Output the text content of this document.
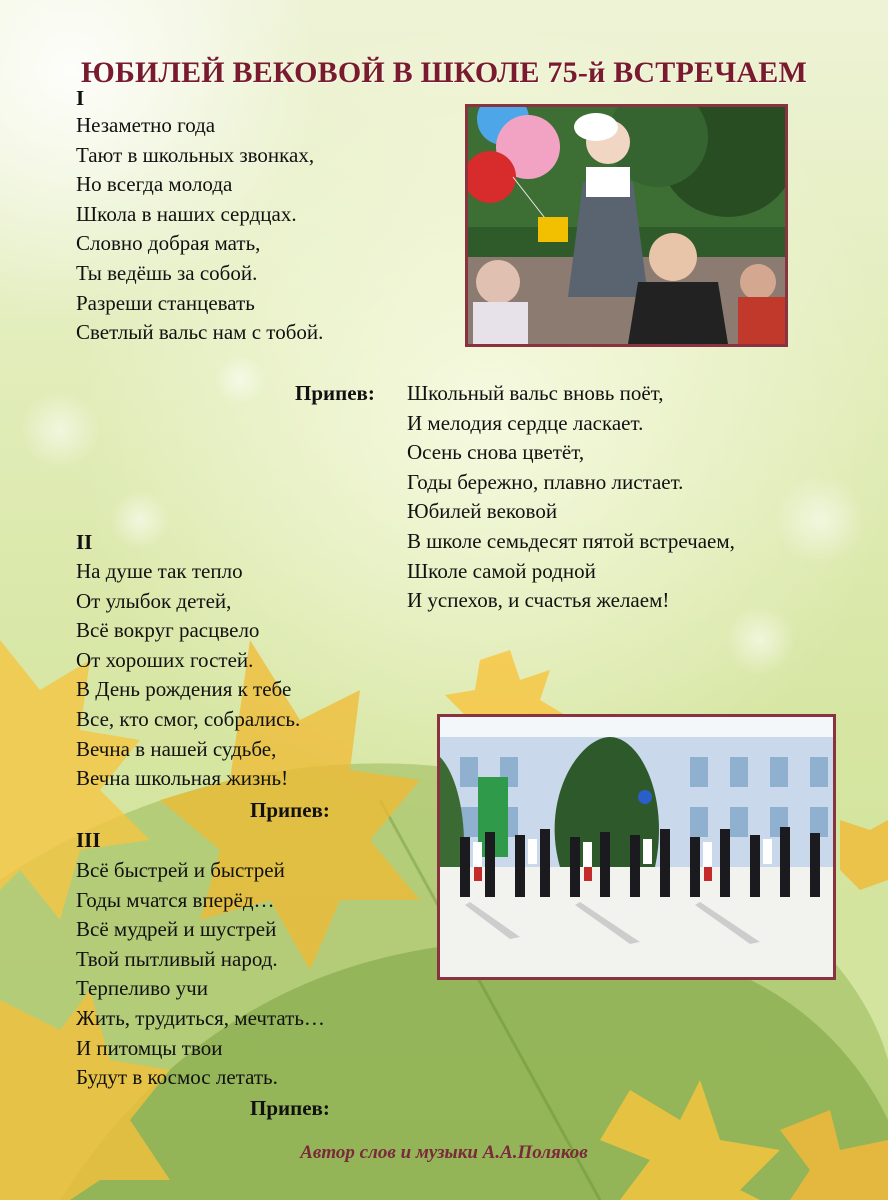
ЮБИЛЕЙ ВЕКОВОЙ В ШКОЛЕ 75-й ВСТРЕЧАЕМ
I
Незаметно года
Тают в школьных звонках,
Но всегда молода
Школа в наших сердцах.
Словно добрая мать,
Ты ведёшь за собой.
Разреши станцевать
Светлый вальс нам с тобой.
Припев: Школьный вальс вновь поёт,
И мелодия сердце ласкает.
Осень снова цветёт,
Годы бережно, плавно листает.
Юбилей вековой
В школе семьдесят пятой встречаем,
Школе самой родной
И успехов, и счастья желаем!
II
На душе так тепло
От улыбок детей,
Всё вокруг расцвело
От хороших гостей.
В День рождения к тебе
Все, кто смог, собрались.
Вечна в нашей судьбе,
Вечна школьная жизнь!
Припев:
III
Всё быстрей и быстрей
Годы мчатся вперёд…
Всё мудрей и шустрей
Твой пытливый народ.
Терпеливо учи
Жить, трудиться, мечтать…
И питомцы твои
Будут в космос летать.
Припев:
Автор слов и музыки А.А.Поляков
